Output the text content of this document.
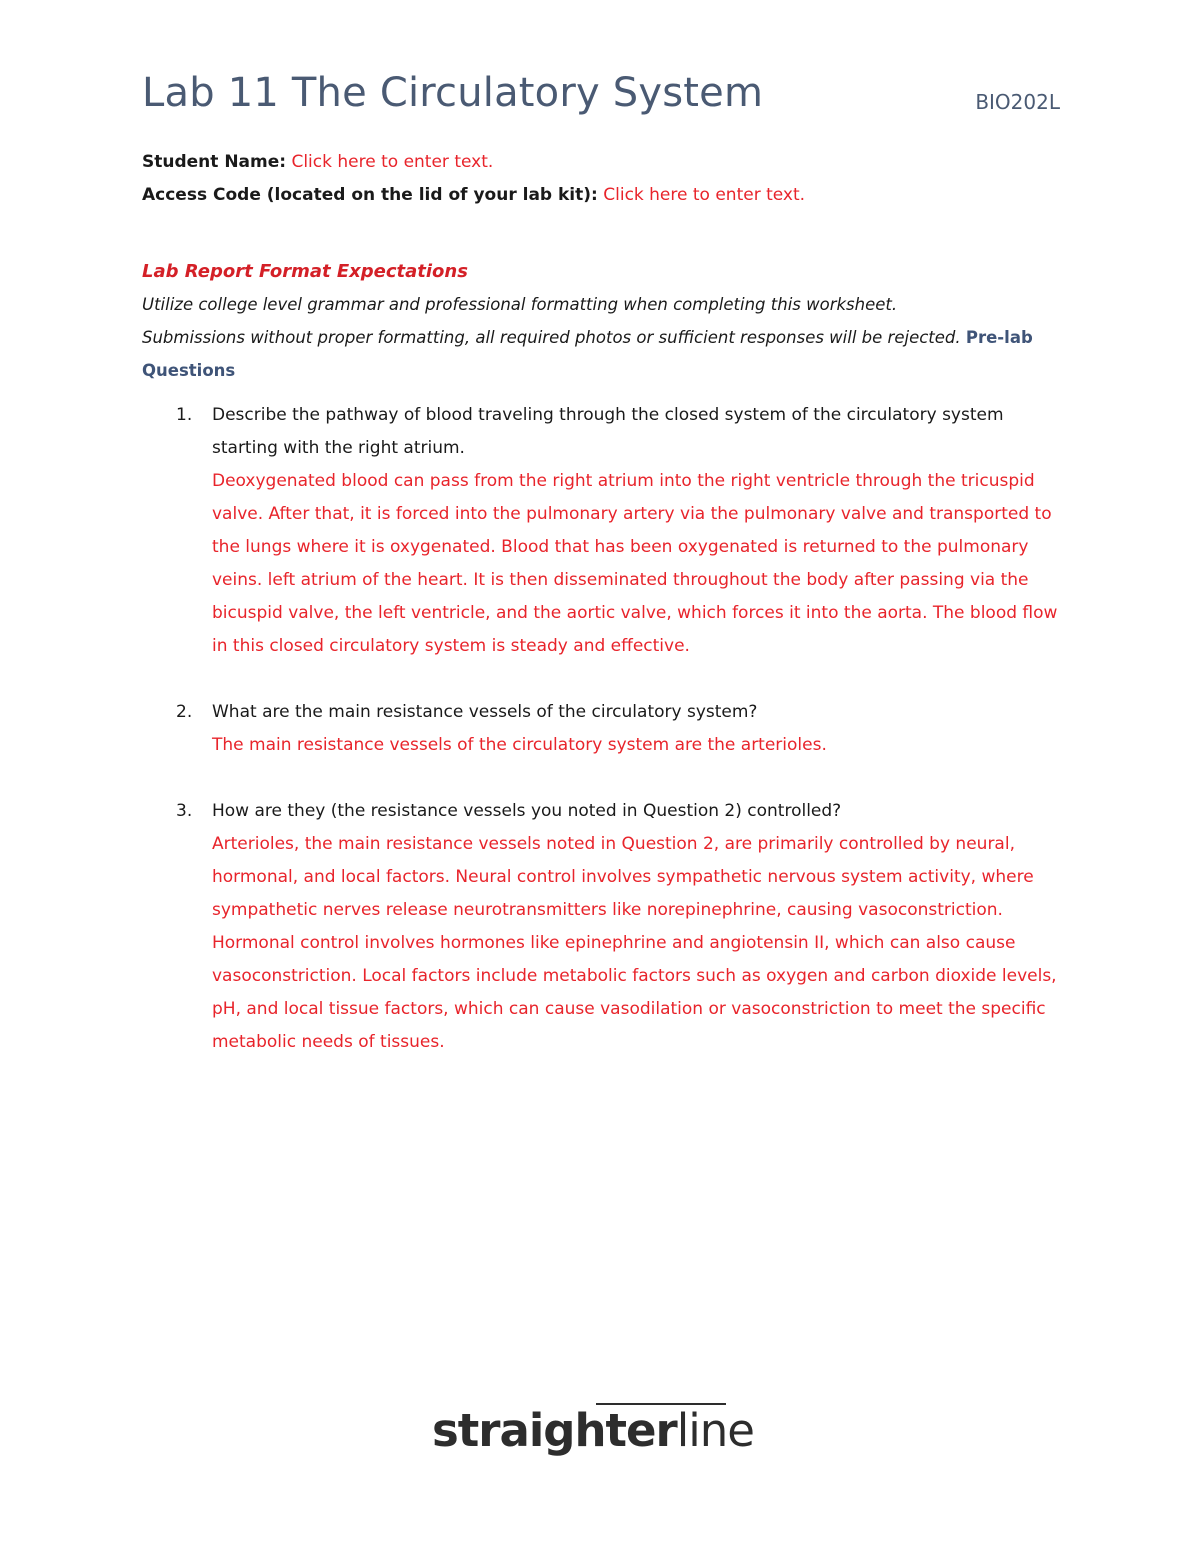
Lab 11 The Circulatory System	BIO202L
Student Name: Click here to enter text.
Access Code (located on the lid of your lab kit): Click here to enter text.
Lab Report Format Expectations
Utilize college level grammar and professional formatting when completing this worksheet.
Submissions without proper formatting, all required photos or sufficient responses will be rejected. Pre-lab Questions
1. Describe the pathway of blood traveling through the closed system of the circulatory system starting with the right atrium.
Deoxygenated blood can pass from the right atrium into the right ventricle through the tricuspid valve. After that, it is forced into the pulmonary artery via the pulmonary valve and transported to the lungs where it is oxygenated. Blood that has been oxygenated is returned to the pulmonary veins. left atrium of the heart. It is then disseminated throughout the body after passing via the bicuspid valve, the left ventricle, and the aortic valve, which forces it into the aorta. The blood flow in this closed circulatory system is steady and effective.
2. What are the main resistance vessels of the circulatory system?
The main resistance vessels of the circulatory system are the arterioles.
3. How are they (the resistance vessels you noted in Question 2) controlled?
Arterioles, the main resistance vessels noted in Question 2, are primarily controlled by neural, hormonal, and local factors. Neural control involves sympathetic nervous system activity, where sympathetic nerves release neurotransmitters like norepinephrine, causing vasoconstriction. Hormonal control involves hormones like epinephrine and angiotensin II, which can also cause vasoconstriction. Local factors include metabolic factors such as oxygen and carbon dioxide levels, pH, and local tissue factors, which can cause vasodilation or vasoconstriction to meet the specific metabolic needs of tissues.
straighterline
